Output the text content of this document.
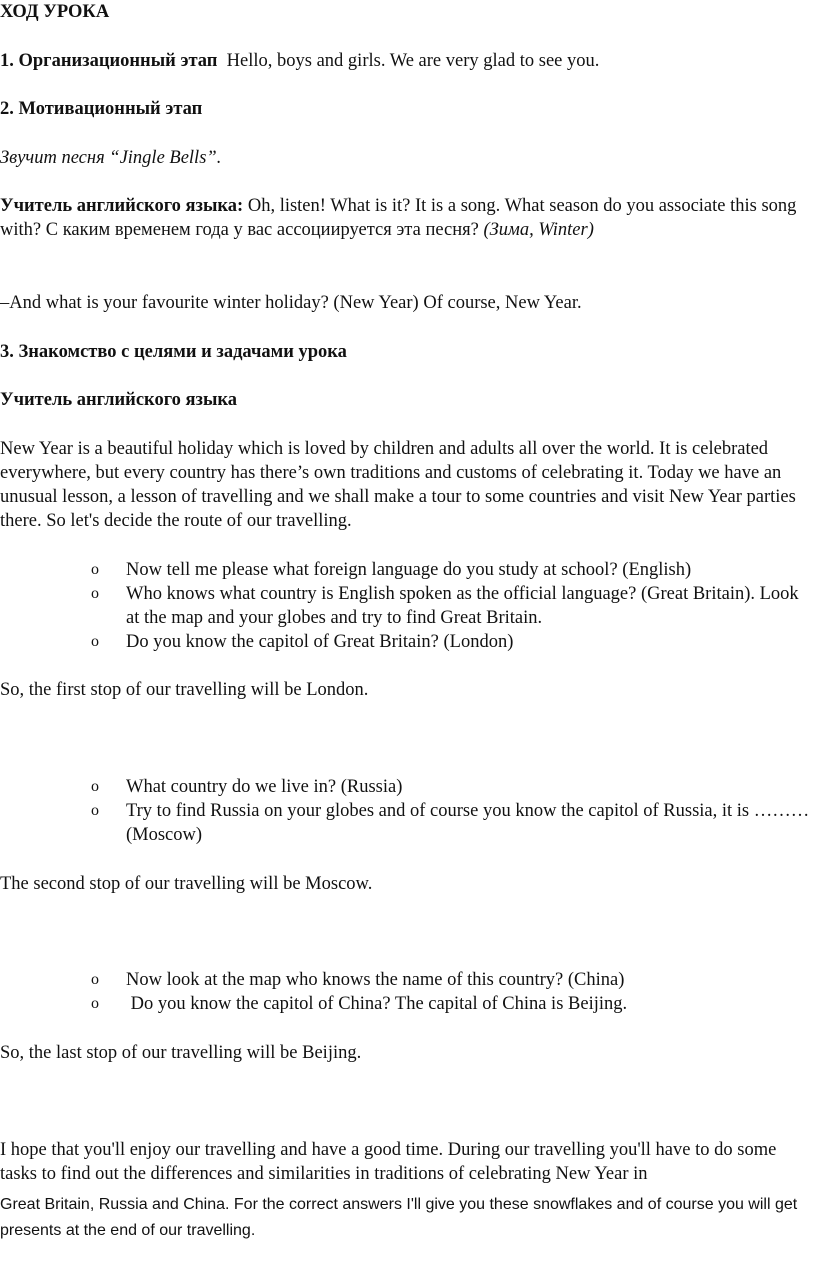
ХОД УРОКА

1. Организационный этап Hello, boys and girls. We are very glad to see you.

2. Мотивационный этап

Звучит песня “Jingle Bells”.

Учитель английского языка: Oh, listen! What is it? It is a song. What season do you associate this song with? С каким временем года у вас ассоциируется эта песня? (Зима, Winter)

–And what is your favourite winter holiday? (New Year) Of course, New Year.

3. Знакомство с целями и задачами урока

Учитель английского языка

New Year is a beautiful holiday which is loved by children and adults all over the world. It is celebrated everywhere, but every country has there’s own traditions and customs of celebrating it. Today we have an unusual lesson, a lesson of travelling and we shall make a tour to some countries and visit New Year parties there. So let's decide the route of our travelling.

o Now tell me please what foreign language do you study at school? (English)
o Who knows what country is English spoken as the official language? (Great Britain). Look at the map and your globes and try to find Great Britain.
o Do you know the capitol of Great Britain? (London)

So, the first stop of our travelling will be London.

o What country do we live in? (Russia)
o Try to find Russia on your globes and of course you know the capitol of Russia, it is ………(Moscow)

The second stop of our travelling will be Moscow.

o Now look at the map who knows the name of this country? (China)
o Do you know the capitol of China? The capital of China is Beijing.

So, the last stop of our travelling will be Beijing.

I hope that you'll enjoy our travelling and have a good time. During our travelling you'll have to do some tasks to find out the differences and similarities in traditions of celebrating New Year in

Great Britain, Russia and China. For the correct answers I'll give you these snowflakes and of course you will get presents at the end of our travelling.
